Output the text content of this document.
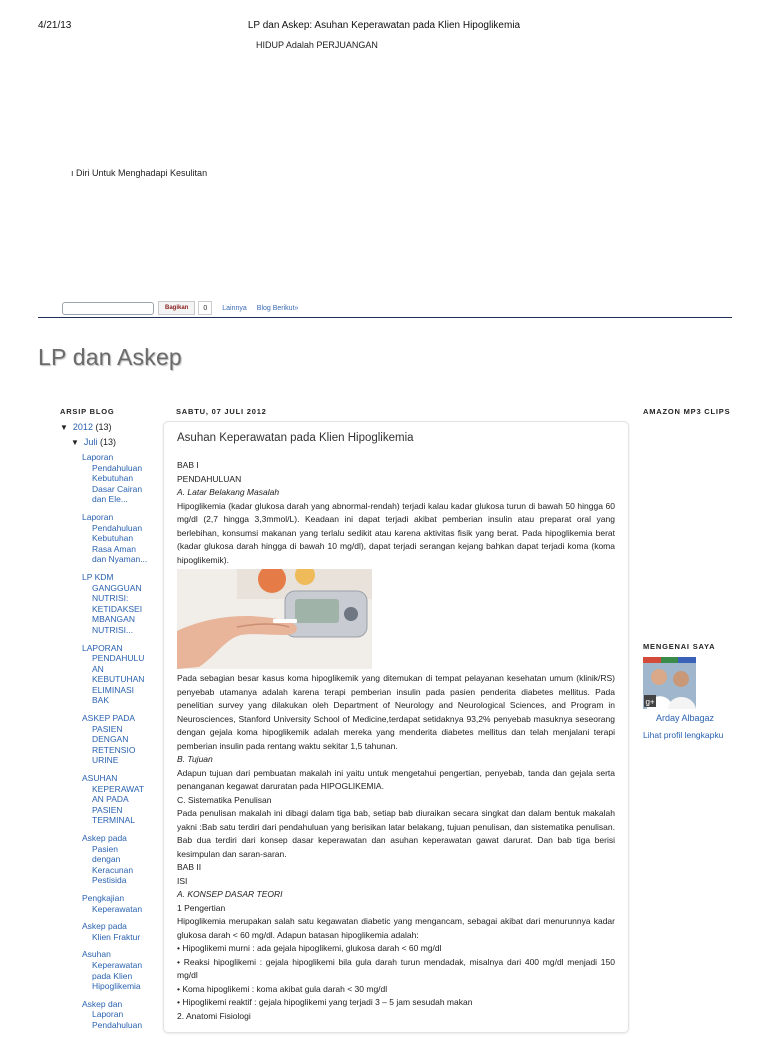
4/21/13	LP dan Askep: Asuhan Keperawatan pada Klien Hipoglikemia
HIDUP Adalah PERJUANGAN
ı Diri Untuk Menghadapi Kesulitan
Bagikan	0	Lainnya Blog Berikut»
LP dan Askep
ARSIP BLOG
▼ 2012 (13)
▼ Juli (13)
Laporan Pendahuluan Kebutuhan Dasar Cairan dan Ele...
Laporan Pendahuluan Kebutuhan Rasa Aman dan Nyaman...
LP KDM GANGGUAN NUTRISI: KETIDAKSEIMBANGAN NUTRISI...
LAPORAN PENDAHULUAN KEBUTUHAN ELIMINASI BAK
ASKEP PADA PASIEN DENGAN RETENSIO URINE
ASUHAN KEPERAWATAN PADA PASIEN TERMINAL
Askep pada Pasien dengan Keracunan Pestisida
Pengkajian Keperawatan
Askep pada Klien Fraktur
Asuhan Keperawatan pada Klien Hipoglikemia
Askep dan Laporan Pendahuluan
SABTU, 07 JULI 2012
Asuhan Keperawatan pada Klien Hipoglikemia

BAB I

PENDAHULUAN

A. Latar Belakang Masalah

Hipoglikemia (kadar glukosa darah yang abnormal-rendah) terjadi kalau kadar glukosa turun di bawah 50 hingga 60 mg/dl (2,7 hingga 3,3mmol/L). Keadaan ini dapat terjadi akibat pemberian insulin atau preparat oral yang berlebihan, konsumsi makanan yang terlalu sedikit atau karena aktivitas fisik yang berat. Pada hipoglikemia berat (kadar glukosa darah hingga di bawah 10 mg/dl), dapat terjadi serangan kejang bahkan dapat terjadi koma (koma hipoglikemik).

Pada sebagian besar kasus koma hipoglikemik yang ditemukan di tempat pelayanan kesehatan umum (klinik/RS) penyebab utamanya adalah karena terapi pemberian insulin pada pasien penderita diabetes mellitus. Pada penelitian survey yang dilakukan oleh Department of Neurology and Neurological Sciences, and Program in Neurosciences, Stanford University School of Medicine,terdapat setidaknya 93,2% penyebab masuknya seseorang dengan gejala koma hipoglikemik adalah mereka yang menderita diabetes mellitus dan telah menjalani terapi pemberian insulin pada rentang waktu sekitar 1,5 tahunan.

B. Tujuan

Adapun tujuan dari pembuatan makalah ini yaitu untuk mengetahui pengertian, penyebab, tanda dan gejala serta penanganan kegawat daruratan pada HIPOGLIKEMIA.

C. Sistematika Penulisan

Pada penulisan makalah ini dibagi dalam tiga bab, setiap bab diuraikan secara singkat dan dalam bentuk makalah yakni :Bab satu terdiri dari pendahuluan yang berisikan latar belakang, tujuan penulisan, dan sistematika penulisan. Bab dua terdiri dari konsep dasar keperawatan dan asuhan keperawatan gawat darurat. Dan bab tiga berisi kesimpulan dan saran-saran.

BAB II

ISI

A. KONSEP DASAR TEORI

1 Pengertian

Hipoglikemia merupakan salah satu kegawatan diabetic yang mengancam, sebagai akibat dari menurunnya kadar glukosa darah < 60 mg/dl. Adapun batasan hipoglikemia adalah:

• Hipoglikemi murni : ada gejala hipoglikemi, glukosa darah < 60 mg/dl

• Reaksi hipoglikemi : gejala hipoglikemi bila gula darah turun mendadak, misalnya dari 400 mg/dl menjadi 150 mg/dl

• Koma hipoglikemi : koma akibat gula darah < 30 mg/dl

• Hipoglikemi reaktif : gejala hipoglikemi yang terjadi 3 – 5 jam sesudah makan

2. Anatomi Fisiologi

AMAZON MP3 CLIPS
MENGENAI SAYA
g+
Arday Albagaz
Lihat profil lengkapku
